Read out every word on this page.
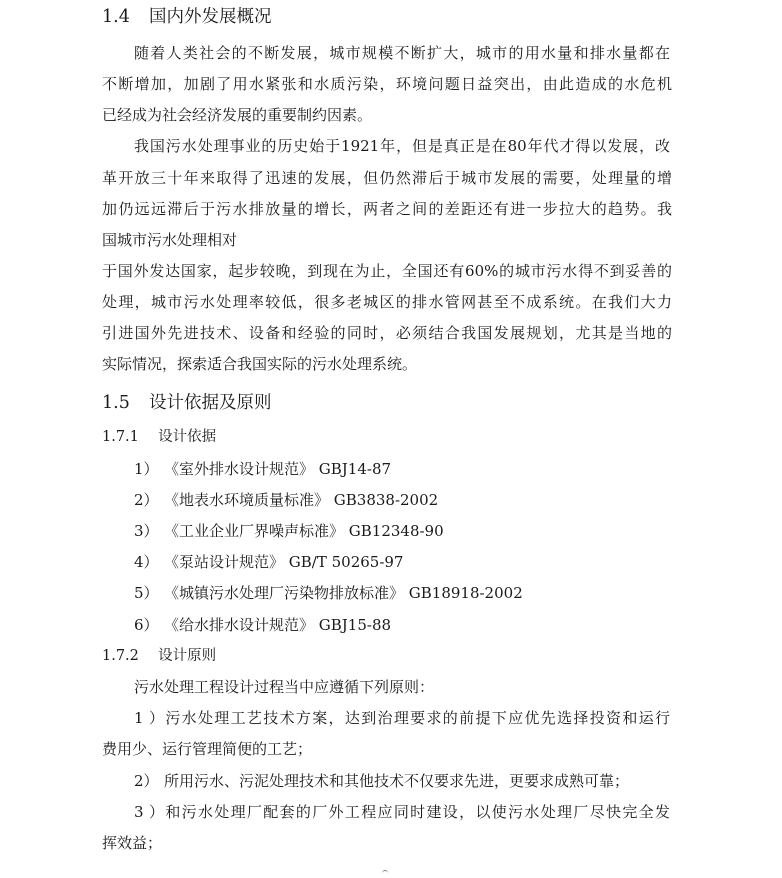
1.4 国内外发展概况
随着人类社会的不断发展，城市规模不断扩大，城市的用水量和排水量都在
不断增加，加剧了用水紧张和水质污染，环境问题日益突出，由此造成的水危机
已经成为社会经济发展的重要制约因素。
我国污水处理事业的历史始于1921年，但是真正是在80年代才得以发展，改
革开放三十年来取得了迅速的发展，但仍然滞后于城市发展的需要，处理量的增
加仍远远滞后于污水排放量的增长，两者之间的差距还有进一步拉大的趋势。我
国城市污水处理相对
于国外发达国家，起步较晚，到现在为止，全国还有60%的城市污水得不到妥善的
处理，城市污水处理率较低，很多老城区的排水管网甚至不成系统。在我们大力
引进国外先进技术、设备和经验的同时，必须结合我国发展规划，尤其是当地的
实际情况，探索适合我国实际的污水处理系统。
1.5 设计依据及原则
1.7.1 设计依据
1） 《室外排水设计规范》 GBJ14-87
2） 《地表水环境质量标准》 GB3838-2002
3） 《工业企业厂界噪声标准》 GB12348-90
4） 《泵站设计规范》 GB/T 50265-97
5） 《城镇污水处理厂污染物排放标准》 GB18918-2002
6） 《给水排水设计规范》 GBJ15-88
1.7.2 设计原则
污水处理工程设计过程当中应遵循下列原则：
1）污水处理工艺技术方案，达到治理要求的前提下应优先选择投资和运行
费用少、运行管理简便的工艺；
2） 所用污水、污泥处理技术和其他技术不仅要求先进，更要求成熟可靠；
3）和污水处理厂配套的厂外工程应同时建设，以使污水处理厂尽快完全发
挥效益；
